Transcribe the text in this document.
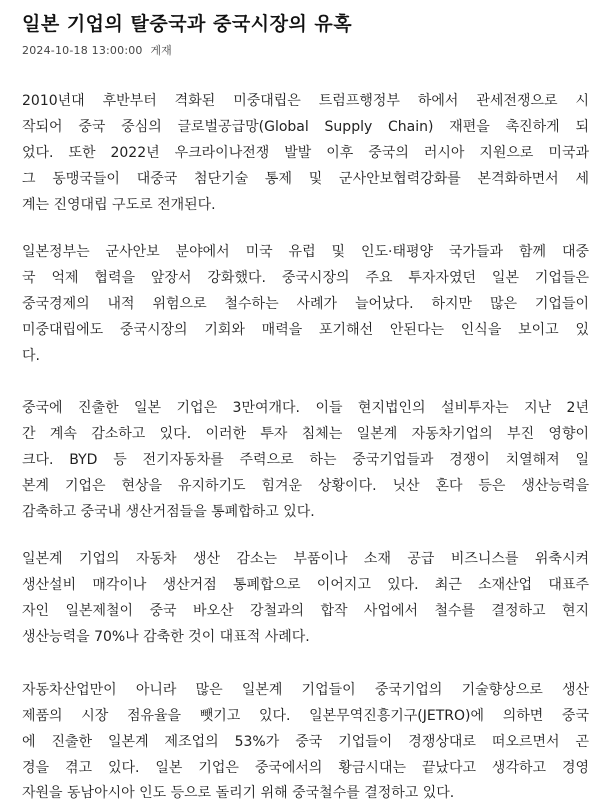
일본 기업의 탈중국과 중국시장의 유혹
2024-10-18 13:00:00 게재
2010년대 후반부터 격화된 미중대립은 트럼프행정부 하에서 관세전쟁으로 시
작되어 중국 중심의 글로벌공급망(Global Supply Chain) 재편을 촉진하게 되
었다. 또한 2022년 우크라이나전쟁 발발 이후 중국의 러시아 지원으로 미국과
그 동맹국들이 대중국 첨단기술 통제 및 군사안보협력강화를 본격화하면서 세
계는 진영대립 구도로 전개된다.
일본정부는 군사안보 분야에서 미국 유럽 및 인도·태평양 국가들과 함께 대중
국 억제 협력을 앞장서 강화했다. 중국시장의 주요 투자자였던 일본 기업들은
중국경제의 내적 위험으로 철수하는 사례가 늘어났다. 하지만 많은 기업들이
미중대립에도 중국시장의 기회와 매력을 포기해선 안된다는 인식을 보이고 있
다.
중국에 진출한 일본 기업은 3만여개다. 이들 현지법인의 설비투자는 지난 2년
간 계속 감소하고 있다. 이러한 투자 침체는 일본계 자동차기업의 부진 영향이
크다. BYD 등 전기자동차를 주력으로 하는 중국기업들과 경쟁이 치열해져 일
본계 기업은 현상을 유지하기도 힘겨운 상황이다. 닛산 혼다 등은 생산능력을
감축하고 중국내 생산거점들을 통폐합하고 있다.
일본계 기업의 자동차 생산 감소는 부품이나 소재 공급 비즈니스를 위축시켜
생산설비 매각이나 생산거점 통폐합으로 이어지고 있다. 최근 소재산업 대표주
자인 일본제철이 중국 바오산 강철과의 합작 사업에서 철수를 결정하고 현지
생산능력을 70%나 감축한 것이 대표적 사례다.
자동차산업만이 아니라 많은 일본계 기업들이 중국기업의 기술향상으로 생산
제품의 시장 점유율을 뺏기고 있다. 일본무역진흥기구(JETRO)에 의하면 중국
에 진출한 일본계 제조업의 53%가 중국 기업들이 경쟁상대로 떠오르면서 곤
경을 겪고 있다. 일본 기업은 중국에서의 황금시대는 끝났다고 생각하고 경영
자원을 동남아시아 인도 등으로 돌리기 위해 중국철수를 결정하고 있다.
